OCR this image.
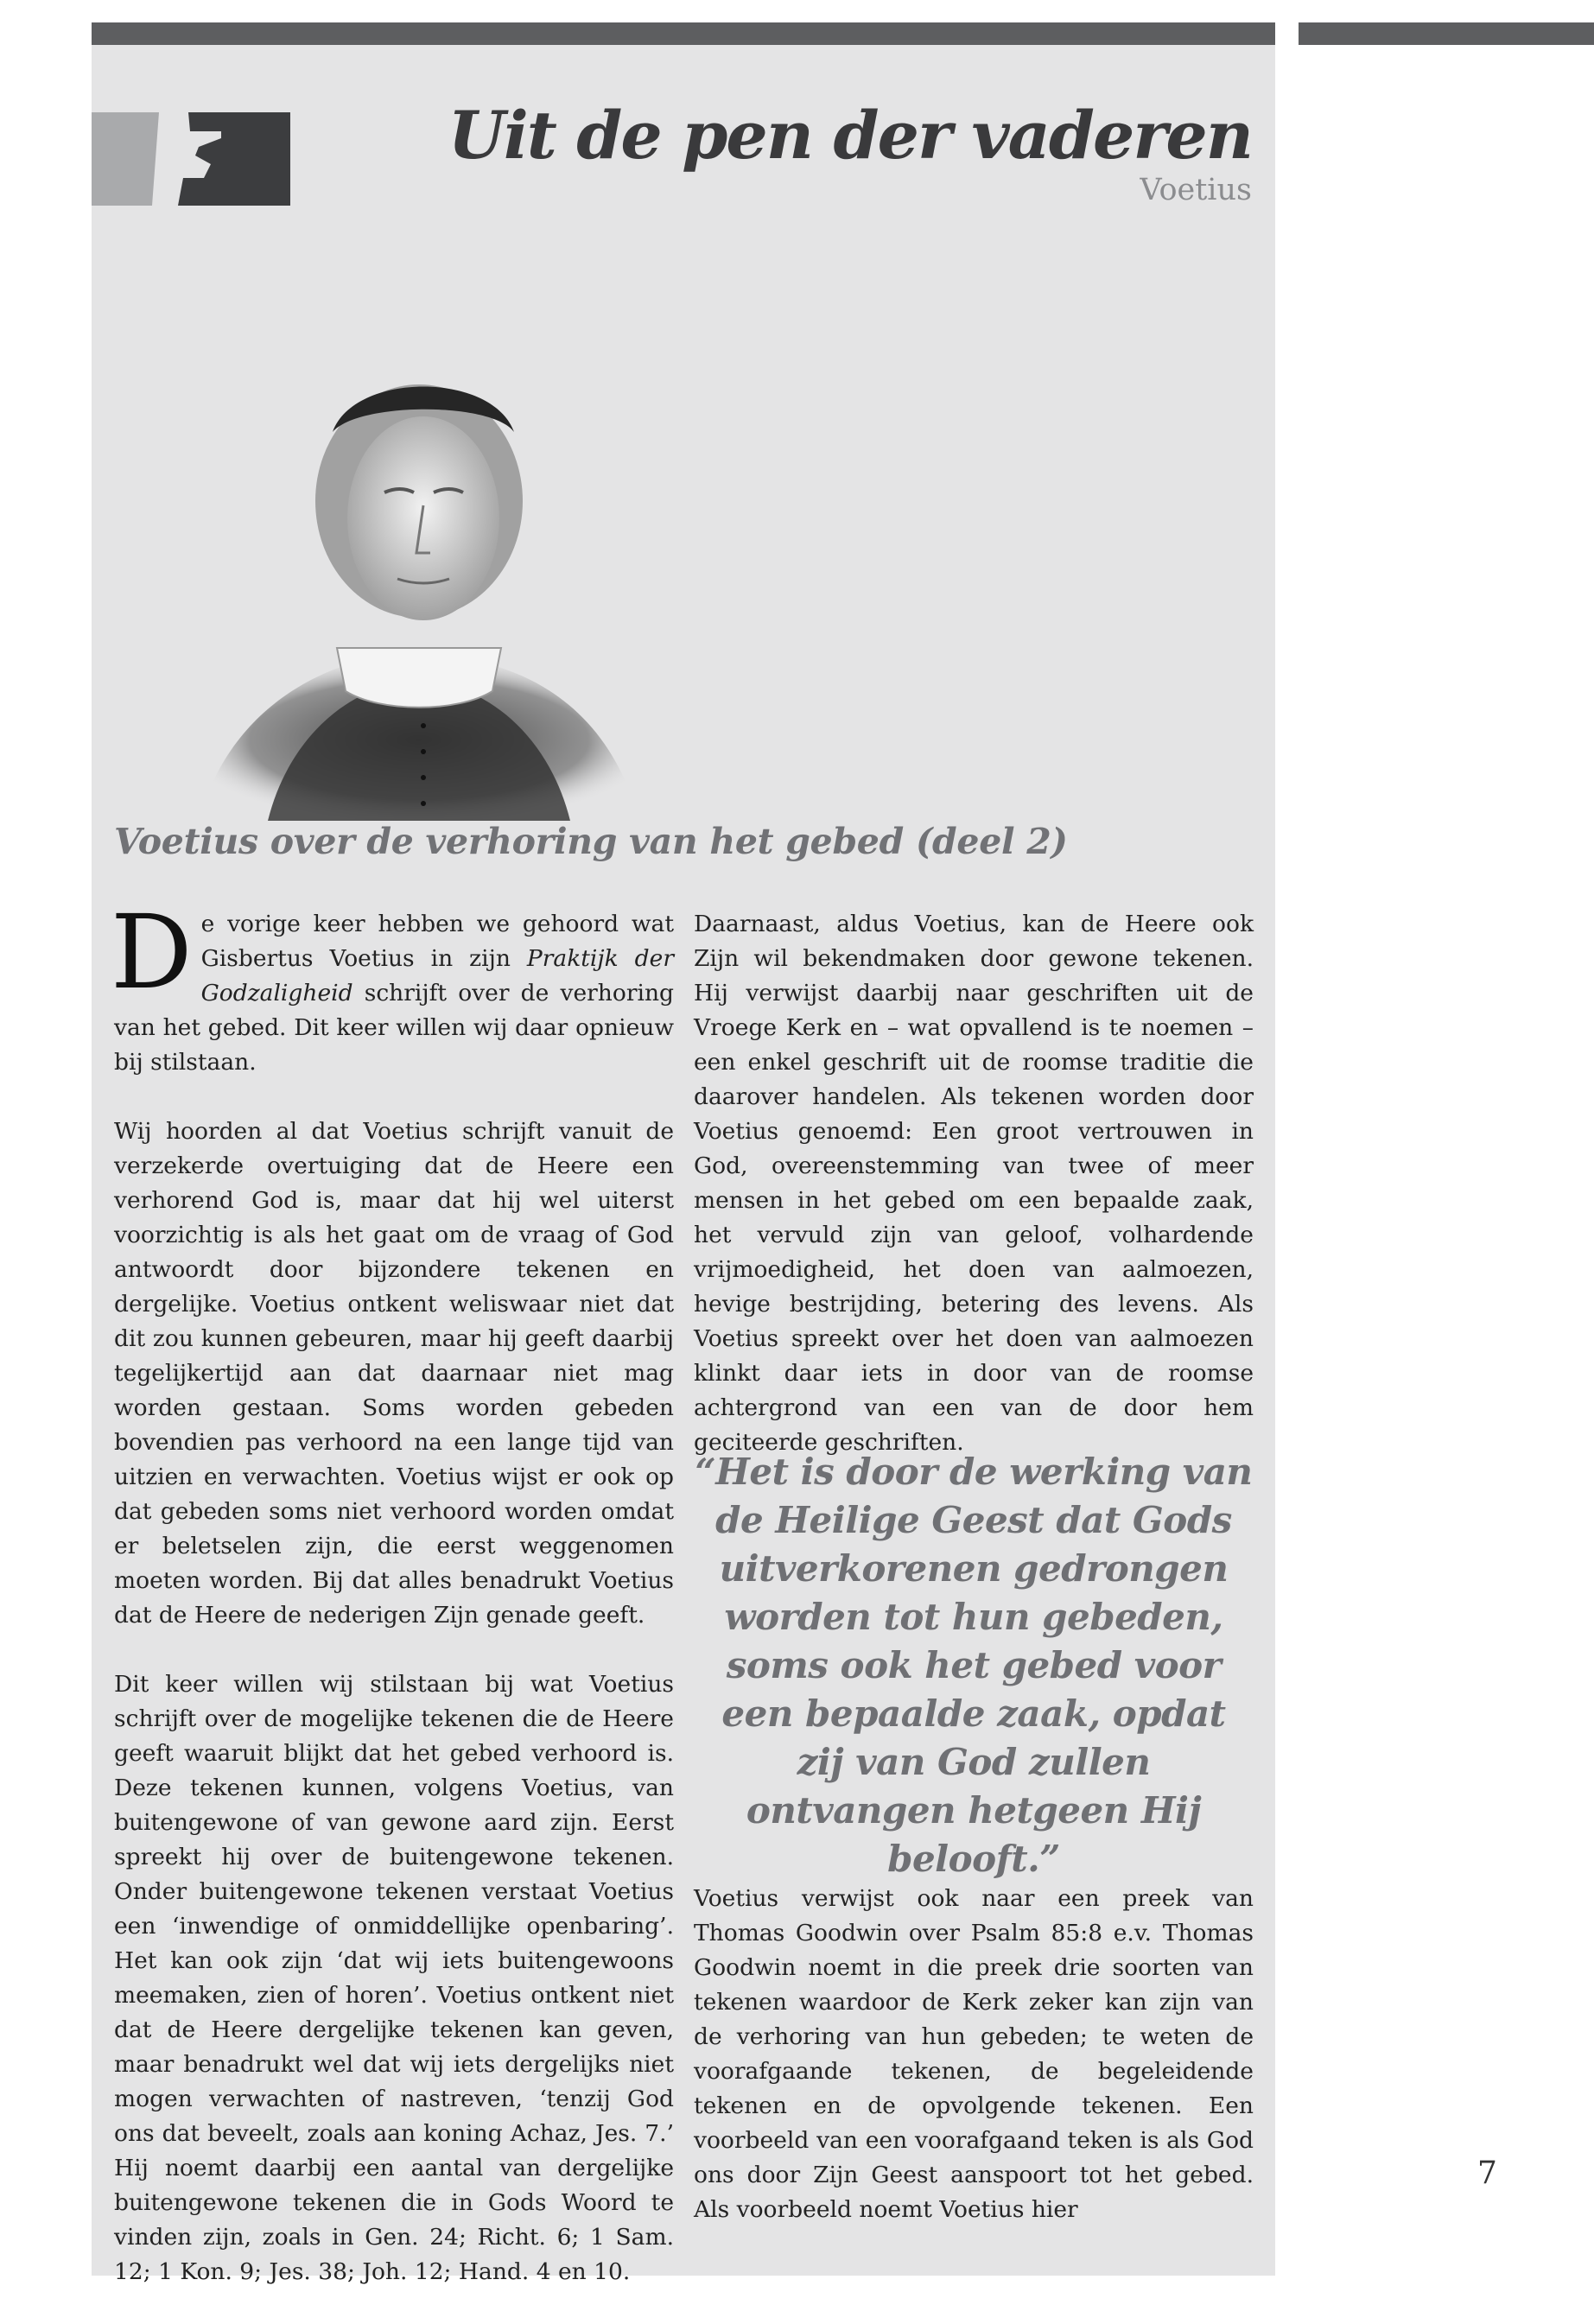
Uit de pen der vaderen
Voetius
Voetius over de verhoring van het gebed (deel 2)

De vorige keer hebben we gehoord wat Gisbertus Voetius in zijn Praktijk der Godzaligheid schrijft over de verhoring van het gebed. Dit keer willen wij daar opnieuw bij stilstaan.

Wij hoorden al dat Voetius schrijft vanuit de verzekerde overtuiging dat de Heere een verhorend God is, maar dat hij wel uiterst voorzichtig is als het gaat om de vraag of God antwoordt door bijzondere tekenen en dergelijke. Voetius ontkent weliswaar niet dat dit zou kunnen gebeuren, maar hij geeft daarbij tegelijkertijd aan dat daarnaar niet mag worden gestaan. Soms worden gebeden bovendien pas verhoord na een lange tijd van uitzien en verwachten. Voetius wijst er ook op dat gebeden soms niet verhoord worden omdat er beletselen zijn, die eerst weggenomen moeten worden. Bij dat alles benadrukt Voetius dat de Heere de nederigen Zijn genade geeft.

Dit keer willen wij stilstaan bij wat Voetius schrijft over de mogelijke tekenen die de Heere geeft waaruit blijkt dat het gebed verhoord is. Deze tekenen kunnen, volgens Voetius, van buitengewone of van gewone aard zijn. Eerst spreekt hij over de buitengewone tekenen. Onder buitengewone tekenen verstaat Voetius een ‘inwendige of onmiddellijke openbaring’. Het kan ook zijn ‘dat wij iets buitengewoons meemaken, zien of horen’. Voetius ontkent niet dat de Heere dergelijke tekenen kan geven, maar benadrukt wel dat wij iets dergelijks niet mogen verwachten of nastreven, ‘tenzij God ons dat beveelt, zoals aan koning Achaz, Jes. 7.’ Hij noemt daarbij een aantal van dergelijke buitengewone tekenen die in Gods Woord te vinden zijn, zoals in Gen. 24; Richt. 6; 1 Sam. 12; 1 Kon. 9; Jes. 38; Joh. 12; Hand. 4 en 10.

Daarnaast, aldus Voetius, kan de Heere ook Zijn wil bekendmaken door gewone tekenen. Hij verwijst daarbij naar geschriften uit de Vroege Kerk en – wat opvallend is te noemen – een enkel geschrift uit de roomse traditie die daarover handelen. Als tekenen worden door Voetius genoemd: Een groot vertrouwen in God, overeenstemming van twee of meer mensen in het gebed om een bepaalde zaak, het vervuld zijn van geloof, volhardende vrijmoedigheid, het doen van aalmoezen, hevige bestrijding, betering des levens. Als Voetius spreekt over het doen van aalmoezen klinkt daar iets in door van de roomse achtergrond van een van de door hem geciteerde geschriften.

“Het is door de werking van de Heilige Geest dat Gods uitverkorenen gedrongen worden tot hun gebeden, soms ook het gebed voor een bepaalde zaak, opdat zij van God zullen ontvangen hetgeen Hij belooft.”

Voetius verwijst ook naar een preek van Thomas Goodwin over Psalm 85:8 e.v. Thomas Goodwin noemt in die preek drie soorten van tekenen waardoor de Kerk zeker kan zijn van de verhoring van hun gebeden; te weten de voorafgaande tekenen, de begeleidende tekenen en de opvolgende tekenen. Een voorbeeld van een voorafgaand teken is als God ons door Zijn Geest aanspoort tot het gebed. Als voorbeeld noemt Voetius hier

7
